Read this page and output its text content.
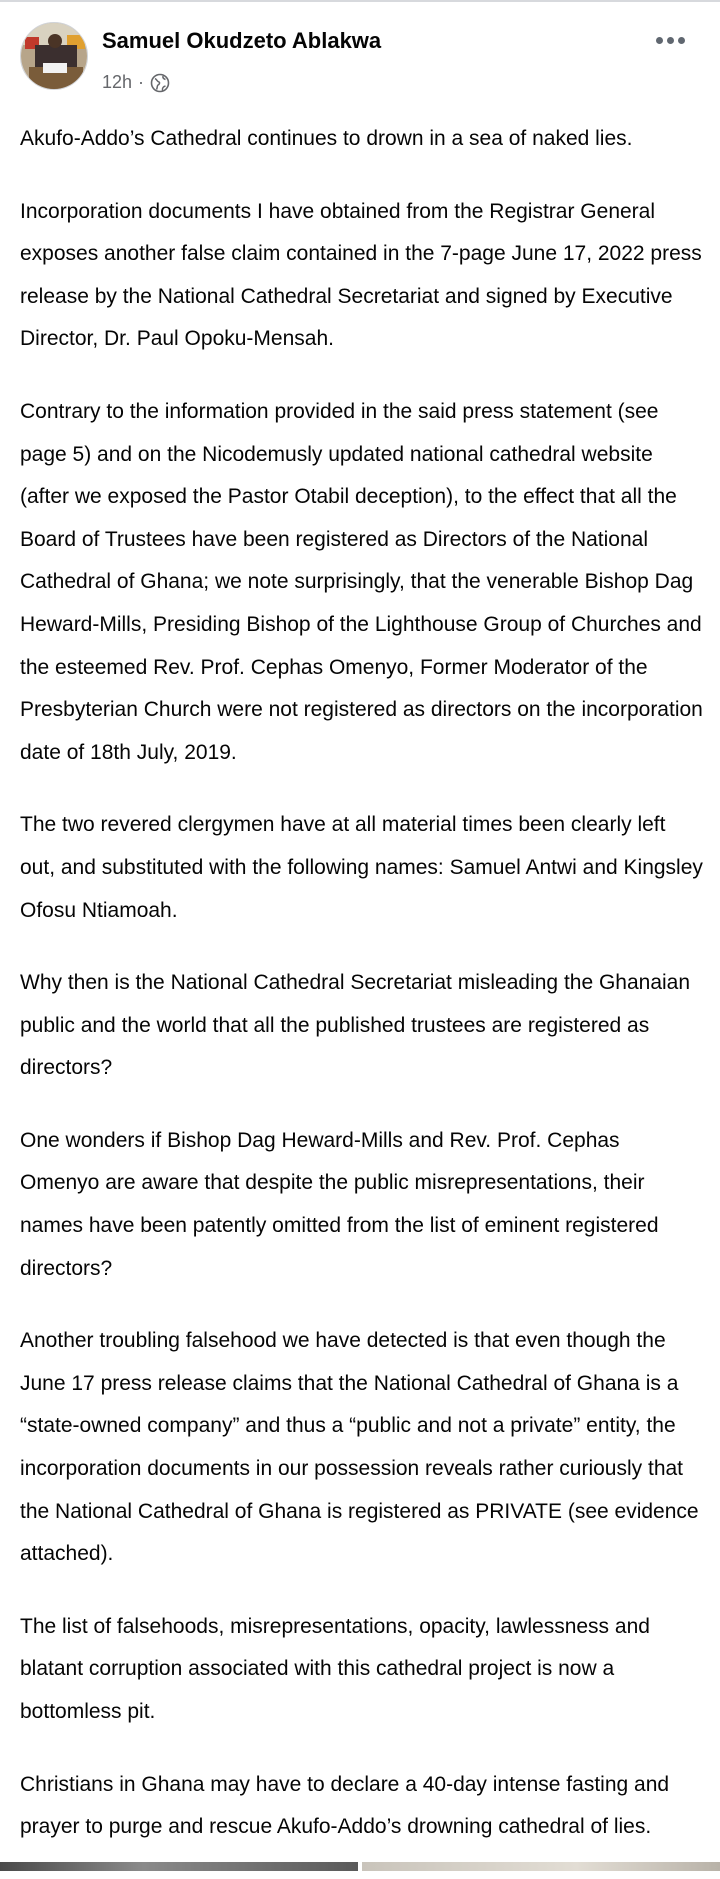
Samuel Okudzeto Ablakwa
12h ·

Akufo-Addo’s Cathedral continues to drown in a sea of naked lies.

Incorporation documents I have obtained from the Registrar General exposes another false claim contained in the 7-page June 17, 2022 press release by the National Cathedral Secretariat and signed by Executive Director, Dr. Paul Opoku-Mensah.

Contrary to the information provided in the said press statement (see page 5) and on the Nicodemusly updated national cathedral website (after we exposed the Pastor Otabil deception), to the effect that all the Board of Trustees have been registered as Directors of the National Cathedral of Ghana; we note surprisingly, that the venerable Bishop Dag Heward-Mills, Presiding Bishop of the Lighthouse Group of Churches and the esteemed Rev. Prof. Cephas Omenyo, Former Moderator of the Presbyterian Church were not registered as directors on the incorporation date of 18th July, 2019.

The two revered clergymen have at all material times been clearly left out, and substituted with the following names: Samuel Antwi and Kingsley Ofosu Ntiamoah.

Why then is the National Cathedral Secretariat misleading the Ghanaian public and the world that all the published trustees are registered as directors?

One wonders if Bishop Dag Heward-Mills and Rev. Prof. Cephas Omenyo are aware that despite the public misrepresentations, their names have been patently omitted from the list of eminent registered directors?

Another troubling falsehood we have detected is that even though the June 17 press release claims that the National Cathedral of Ghana is a “state-owned company” and thus a “public and not a private” entity, the incorporation documents in our possession reveals rather curiously that the National Cathedral of Ghana is registered as PRIVATE (see evidence attached).

The list of falsehoods, misrepresentations, opacity, lawlessness and blatant corruption associated with this cathedral project is now a bottomless pit.

Christians in Ghana may have to declare a 40-day intense fasting and prayer to purge and rescue Akufo-Addo’s drowning cathedral of lies.
